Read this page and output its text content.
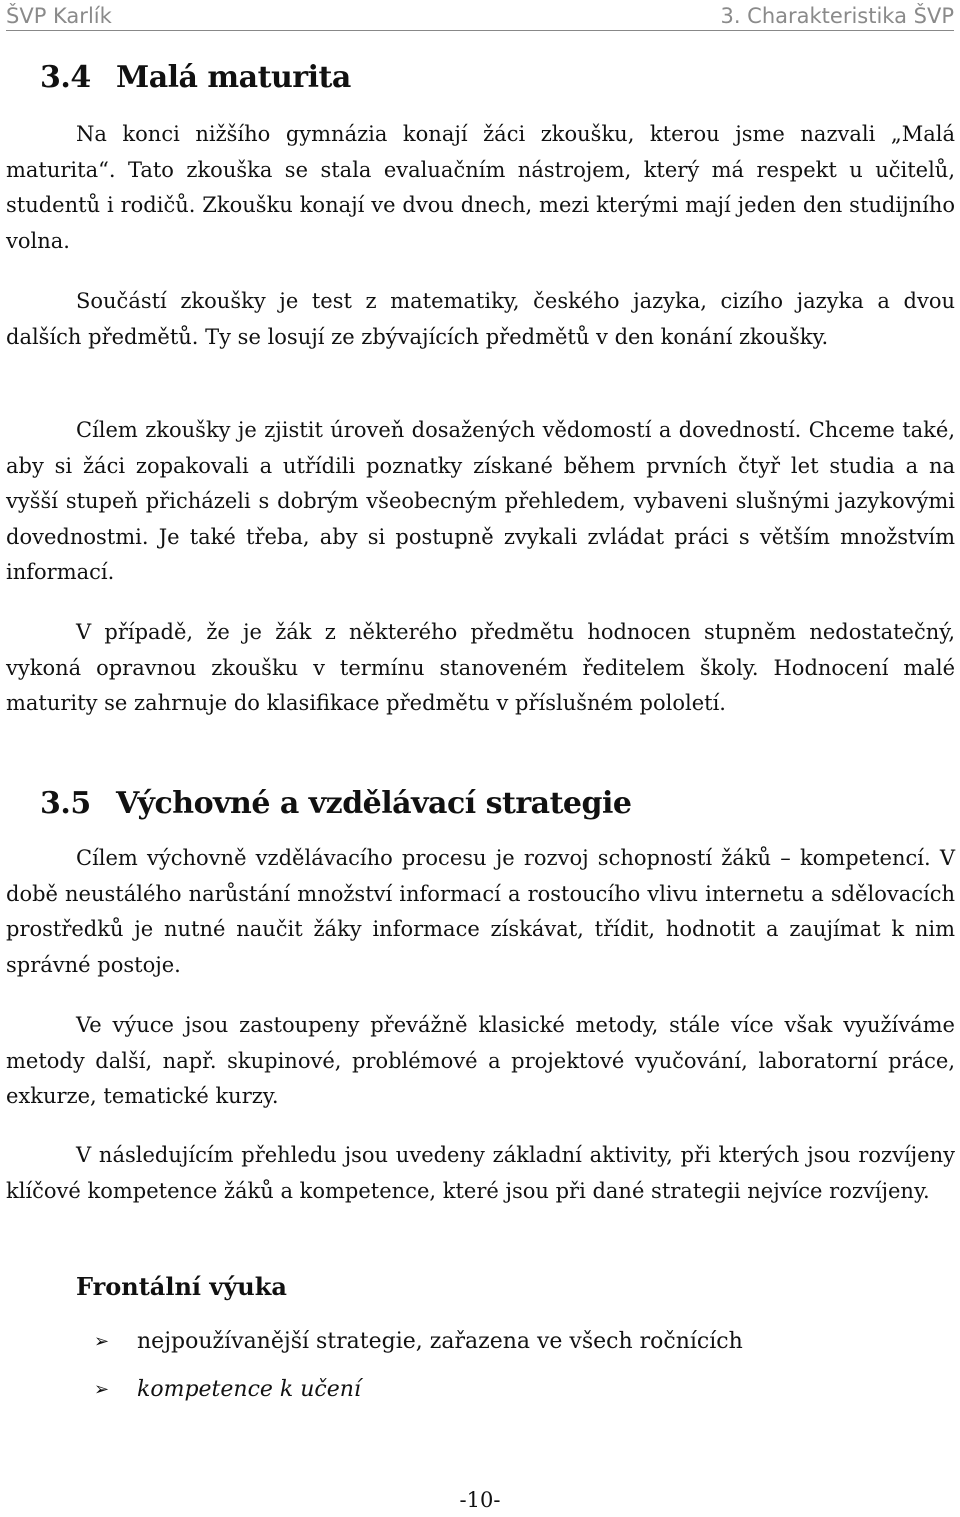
ŠVP Karlík	3. Charakteristika ŠVP
3.4 Malá maturita

Na konci nižšího gymnázia konají žáci zkoušku, kterou jsme nazvali „Malá maturita“. Tato zkouška se stala evaluačním nástrojem, který má respekt u učitelů, studentů i rodičů. Zkoušku konají ve dvou dnech, mezi kterými mají jeden den studijního volna.

Součástí zkoušky je test z matematiky, českého jazyka, cizího jazyka a dvou dalších předmětů. Ty se losují ze zbývajících předmětů v den konání zkoušky.

Cílem zkoušky je zjistit úroveň dosažených vědomostí a dovedností. Chceme také, aby si žáci zopakovali a utřídili poznatky získané během prvních čtyř let studia a na vyšší stupeň přicházeli s dobrým všeobecným přehledem, vybaveni slušnými jazykovými dovednostmi. Je také třeba, aby si postupně zvykali zvládat práci s větším množstvím informací.

V případě, že je žák z některého předmětu hodnocen stupněm nedostatečný, vykoná opravnou zkoušku v termínu stanoveném ředitelem školy. Hodnocení malé maturity se zahrnuje do klasifikace předmětu v příslušném pololetí.

3.5 Výchovné a vzdělávací strategie

Cílem výchovně vzdělávacího procesu je rozvoj schopností žáků – kompetencí. V době neustálého narůstání množství informací a rostoucího vlivu internetu a sdělovacích prostředků je nutné naučit žáky informace získávat, třídit, hodnotit a zaujímat k nim správné postoje.

Ve výuce jsou zastoupeny převážně klasické metody, stále více však využíváme metody další, např. skupinové, problémové a projektové vyučování, laboratorní práce, exkurze, tematické kurzy.

V následujícím přehledu jsou uvedeny základní aktivity, při kterých jsou rozvíjeny klíčové kompetence žáků a kompetence, které jsou při dané strategii nejvíce rozvíjeny.

Frontální výuka
➢ nejpoužívanější strategie, zařazena ve všech ročnících
➢ kompetence k učení
-10-
